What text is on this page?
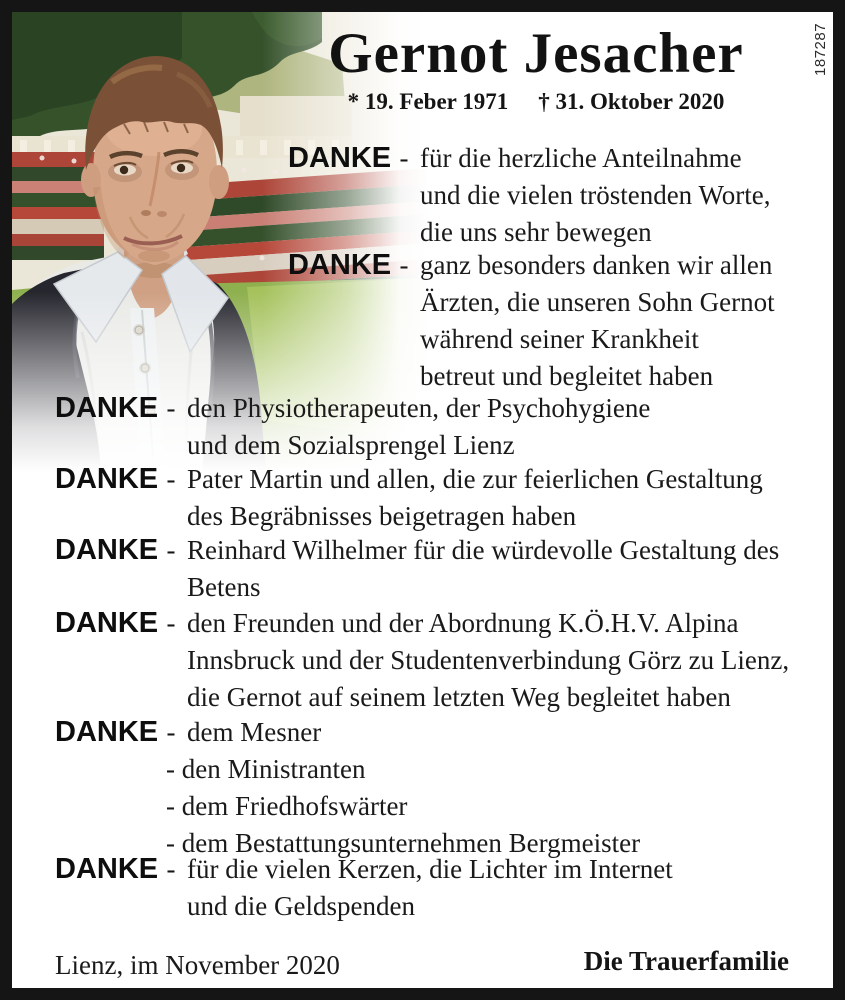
187287
Gernot Jesacher
* 19. Feber 1971 † 31. Oktober 2020
DANKE - für die herzliche Anteilnahme
und die vielen tröstenden Worte,
die uns sehr bewegen
DANKE - ganz besonders danken wir allen
Ärzten, die unseren Sohn Gernot
während seiner Krankheit
betreut und begleitet haben
DANKE - den Physiotherapeuten, der Psychohygiene
und dem Sozialsprengel Lienz
DANKE - Pater Martin und allen, die zur feierlichen Gestaltung
des Begräbnisses beigetragen haben
DANKE - Reinhard Wilhelmer für die würdevolle Gestaltung des
Betens
DANKE - den Freunden und der Abordnung K.Ö.H.V. Alpina
Innsbruck und der Studentenverbindung Görz zu Lienz,
die Gernot auf seinem letzten Weg begleitet haben
DANKE - dem Mesner
- den Ministranten
- dem Friedhofswärter
- dem Bestattungsunternehmen Bergmeister
DANKE - für die vielen Kerzen, die Lichter im Internet
und die Geldspenden
Lienz, im November 2020	Die Trauerfamilie
